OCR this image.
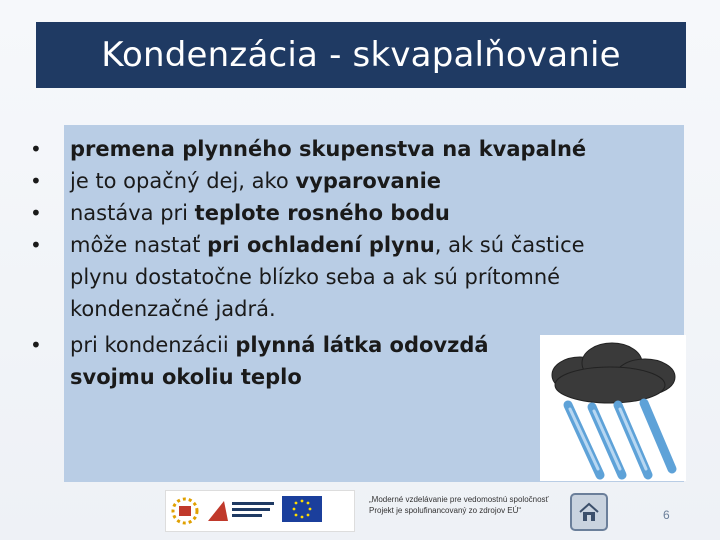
Kondenzácia - skvapalňovanie
• premena plynného skupenstva na kvapalné
• je to opačný dej, ako vyparovanie
• nastáva pri teplote rosného bodu
• môže nastať pri ochladení plynu, ak sú častice plynu dostatočne blízko seba a ak sú prítomné kondenzačné jadrá.
• pri kondenzácii plynná látka odovzdá svojmu okoliu teplo
„Moderné vzdelávanie pre vedomostnú spoločnosť
Projekt je spolufinancovaný zo zdrojov EÚ“	6
